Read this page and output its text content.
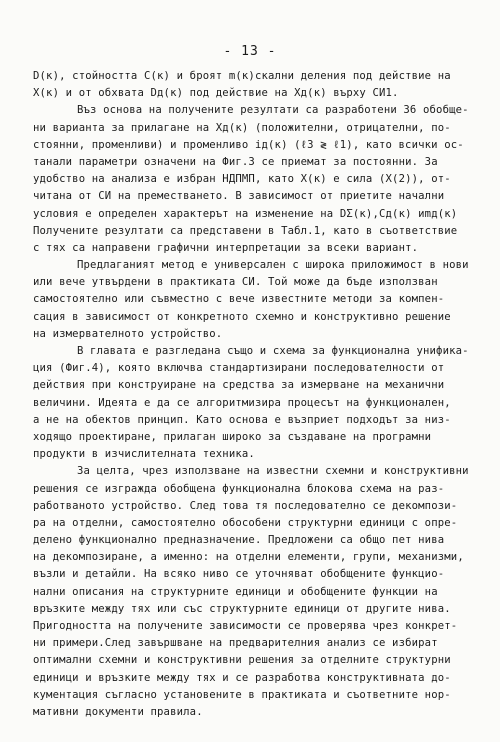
- 13 -
D(к), стойността C(к) и броят m(к)скални деления под действие на
X(к) и от обхвата Dд(к) под действие на Xд(к) върху СИ1.
Въз основа на получените резултати са разработени 36 обобще-
ни варианта за прилагане на Xд(к) (положителни, отрицателни, по-
стоянни, променливи) и променливо iд(к) (ℓ3 ≷ ℓ1), като всички ос-
танали параметри означени на Фиг.3 се приемат за постоянни. За
удобство на анализа е избран НДПМП, като X(к) е сила (X(2)), от-
читана от СИ на преместването. В зависимост от приетите начални
условия е определен характерът на изменение на DΣ(к),Cд(к) иmд(к)
Получените резултати са представени в Табл.1, като в съответствие
с тях са направени графични интерпретации за всеки вариант.
Предлаганият метод е универсален с широка приложимост в нови
или вече утвърдени в практиката СИ. Той може да бъде използван
самостоятелно или съвместно с вече известните методи за компен-
сация в зависимост от конкретното схемно и конструктивно решение
на измервателното устройство.
В главата е разгледана също и схема за функционална унифика-
ция (Фиг.4), която включва стандартизирани последователности от
действия при конструиране на средства за измерване на механични
величини. Идеята е да се алгоритмизира процесът на функционален,
а не на обектов принцип. Като основа е възприет подходът за низ-
ходящо проектиране, прилаган широко за създаване на програмни
продукти в изчислителната техника.
За целта, чрез използване на известни схемни и конструктивни
решения се изгражда обобщена функционална блокова схема на раз-
работваното устройство. След това тя последователно се декомпози-
ра на отделни, самостоятелно обособени структурни единици с опре-
делено функционално предназначение. Предложени са общо пет нива
на декомпозиране, а именно: на отделни елементи, групи, механизми,
възли и детайли. На всяко ниво се уточняват обобщените функцио-
нални описания на структурните единици и обобщените функции на
връзките между тях или със структурните единици от другите нива.
Пригодността на получените зависимости се проверява чрез конкрет-
ни примери.След завършване на предварителния анализ се избират
оптимални схемни и конструктивни решения за отделните структурни
единици и връзките между тях и се разработва конструктивната до-
кументация съгласно установените в практиката и съответните нор-
мативни документи правила.
